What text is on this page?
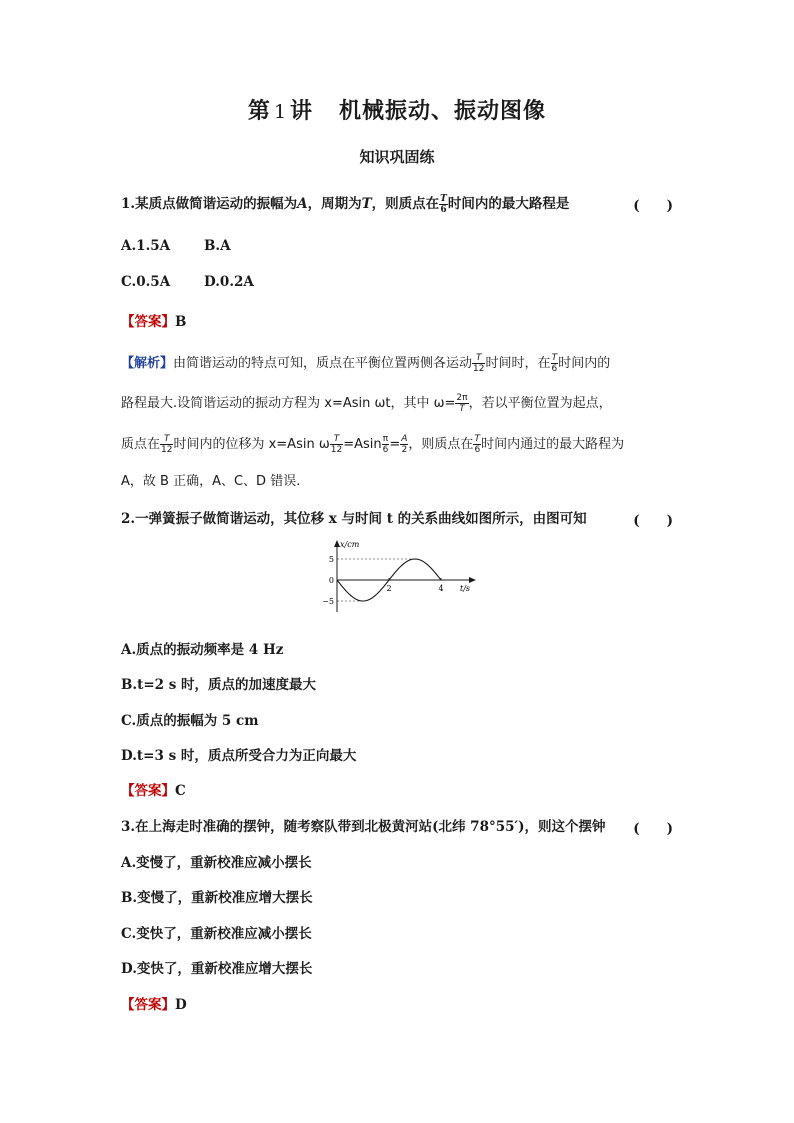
第 1 讲 机械振动、振动图像
知识巩固练
1.某质点做简谐运动的振幅为A，周期为T，则质点在 $\frac{T}{6}$ 时间内的最大路程是	(　　)
A.1.5A	B.A
C.0.5A	D.0.2A
【答案】B
【解析】由简谐运动的特点可知，质点在平衡位置两侧各运动 $\frac{T}{12}$ 时间时，在 $\frac{T}{6}$ 时间内的
路程最大.设简谐运动的振动方程为 x=Asin ωt，其中 $\omega= \frac{2\pi}{T}$ ，若以平衡位置为起点，
质点在 $\frac{T}{12}$ 时间内的位移为 x=Asin ω $\frac{T}{12} =Asin \frac{\pi}{6} = \frac{A}{2}$ ，则质点在 $\frac{T}{6}$ 时间内通过的最大路程为
A，故 B 正确，A、C、D 错误.
2.一弹簧振子做简谐运动，其位移 x 与时间 t 的关系曲线如图所示，由图可知	(　　)
x/cm
t/s
5
0
−5
2	4
A.质点的振动频率是 4 Hz
B.t=2 s 时，质点的加速度最大
C.质点的振幅为 5 cm
D.t=3 s 时，质点所受合力为正向最大
【答案】C
3.在上海走时准确的摆钟，随考察队带到北极黄河站(北纬 78°55′)，则这个摆钟 (　　)
A.变慢了，重新校准应减小摆长
B.变慢了，重新校准应增大摆长
C.变快了，重新校准应减小摆长
D.变快了，重新校准应增大摆长
【答案】D
